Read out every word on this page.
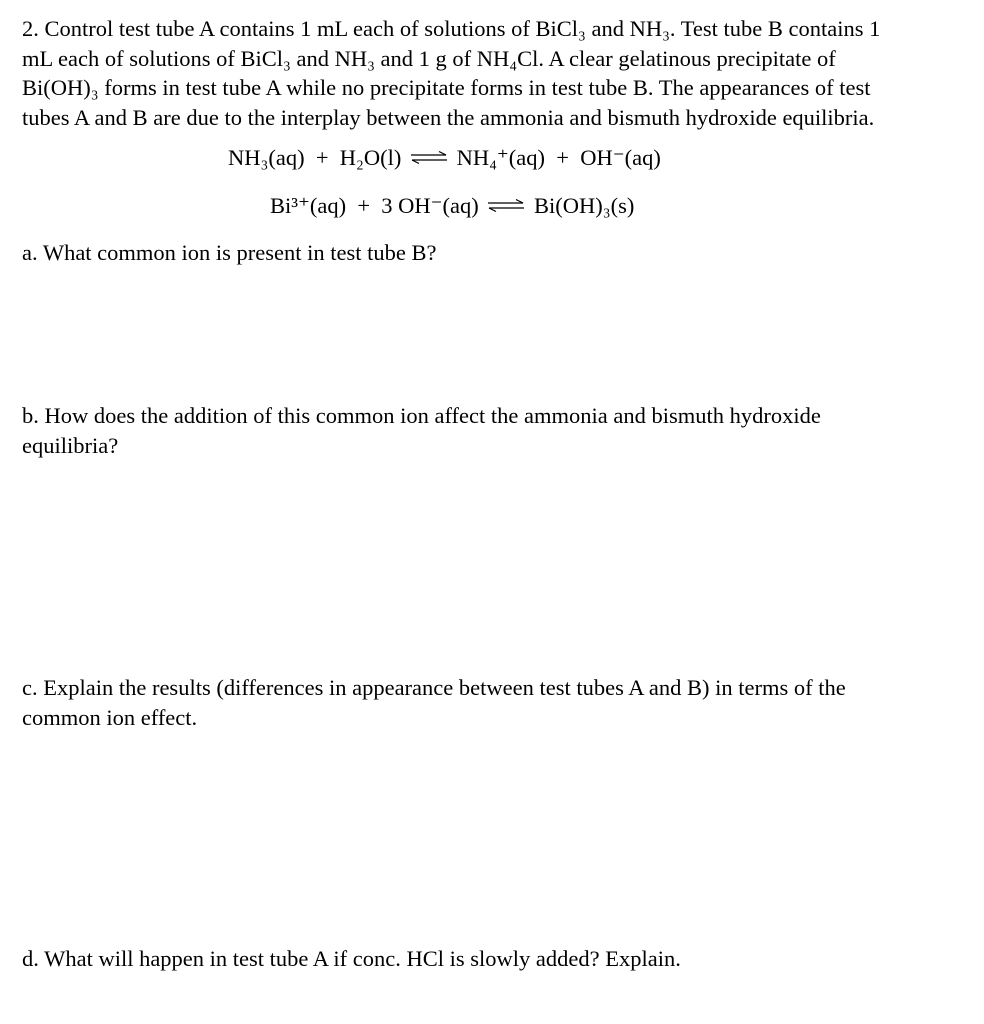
2. Control test tube A contains 1 mL each of solutions of BiCl₃ and NH₃. Test tube B contains 1
mL each of solutions of BiCl₃ and NH₃ and 1 g of NH₄Cl. A clear gelatinous precipitate of
Bi(OH)₃ forms in test tube A while no precipitate forms in test tube B. The appearances of test
tubes A and B are due to the interplay between the ammonia and bismuth hydroxide equilibria.
NH₃(aq)  +  H₂O(l) ⇌ NH₄⁺(aq)  +  OH⁻(aq)
Bi³⁺(aq)  +  3 OH⁻(aq) ⇌ Bi(OH)₃(s)
a. What common ion is present in test tube B?
b. How does the addition of this common ion affect the ammonia and bismuth hydroxide
equilibria?
c. Explain the results (differences in appearance between test tubes A and B) in terms of the
common ion effect.
d. What will happen in test tube A if conc. HCl is slowly added? Explain.
